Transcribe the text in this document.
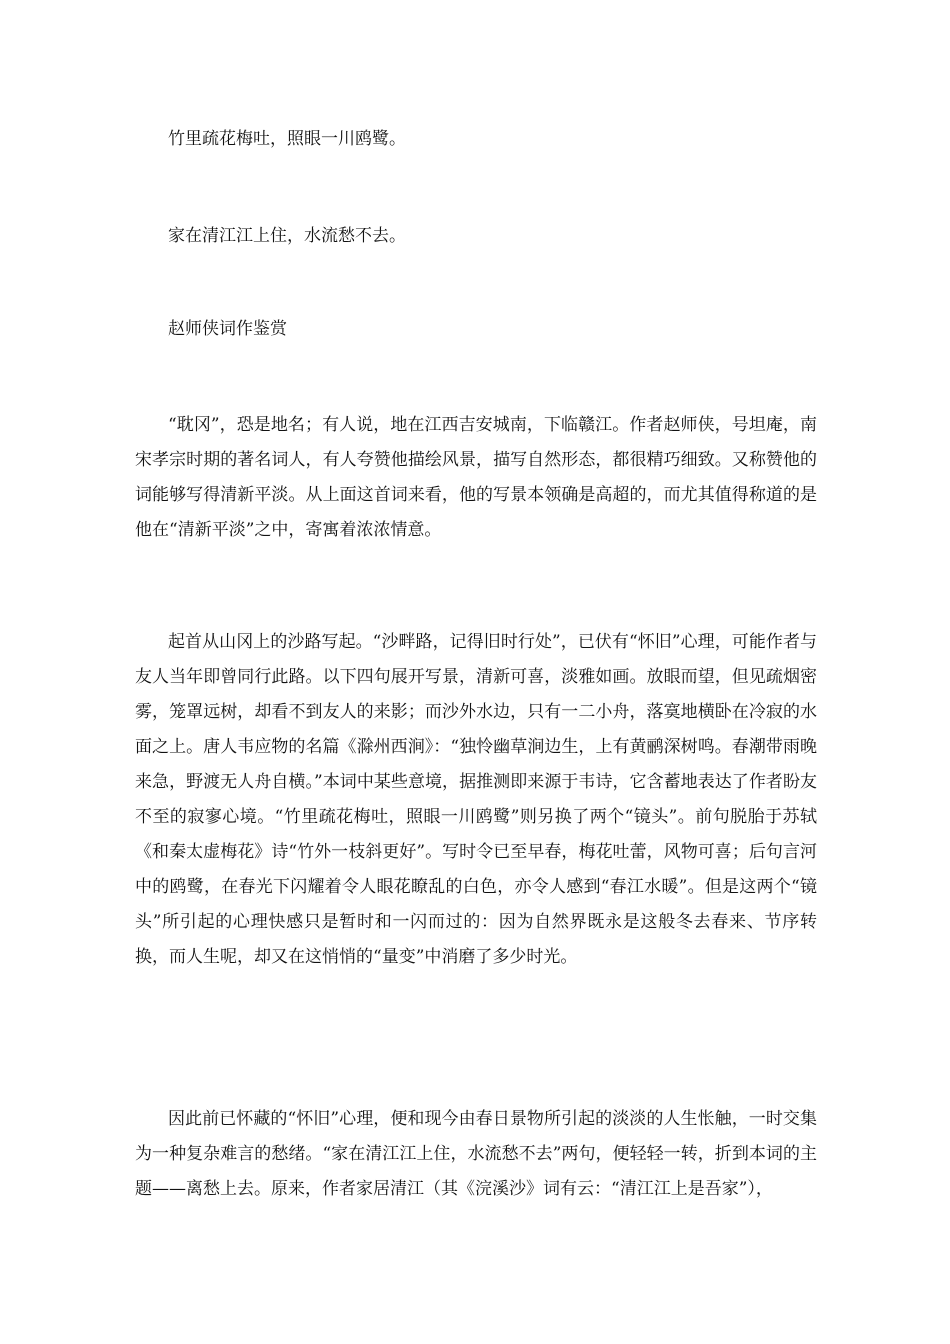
竹里疏花梅吐，照眼一川鸥鹭。
家在清江江上住，水流愁不去。
赵师侠词作鉴赏
“耽冈”，恐是地名；有人说，地在江西吉安城南，下临赣江。作者赵师侠，号坦庵，南宋孝宗时期的著名词人，有人夸赞他描绘风景，描写自然形态，都很精巧细致。又称赞他的词能够写得清新平淡。从上面这首词来看，他的写景本领确是高超的，而尤其值得称道的是他在“清新平淡”之中，寄寓着浓浓情意。
起首从山冈上的沙路写起。“沙畔路，记得旧时行处”，已伏有“怀旧”心理，可能作者与友人当年即曾同行此路。以下四句展开写景，清新可喜，淡雅如画。放眼而望，但见疏烟密雾，笼罩远树，却看不到友人的来影；而沙外水边，只有一二小舟，落寞地横卧在冷寂的水面之上。唐人韦应物的名篇《滁州西涧》：“独怜幽草涧边生，上有黄鹂深树鸣。春潮带雨晚来急，野渡无人舟自横。”本词中某些意境，据推测即来源于韦诗，它含蓄地表达了作者盼友不至的寂寥心境。“竹里疏花梅吐，照眼一川鸥鹭”则另换了两个“镜头”。前句脱胎于苏轼《和秦太虚梅花》诗“竹外一枝斜更好”。写时令已至早春，梅花吐蕾，风物可喜；后句言河中的鸥鹭，在春光下闪耀着令人眼花瞭乱的白色，亦令人感到“春江水暖”。但是这两个“镜头”所引起的心理快感只是暂时和一闪而过的：因为自然界既永是这般冬去春来、节序转换，而人生呢，却又在这悄悄的“量变”中消磨了多少时光。
因此前已怀藏的“怀旧”心理，便和现今由春日景物所引起的淡淡的人生怅触，一时交集为一种复杂难言的愁绪。“家在清江江上住，水流愁不去”两句，便轻轻一转，折到本词的主题——离愁上去。原来，作者家居清江（其《浣溪沙》词有云：“清江江上是吾家”），
